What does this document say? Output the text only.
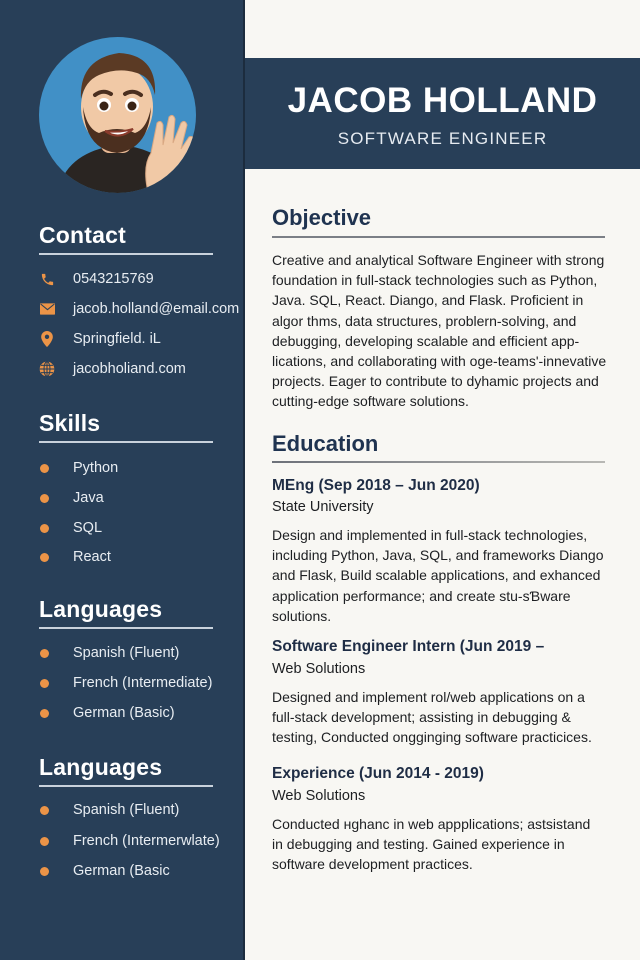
Contact
0543215769
jacob.holland@email.com
Springfield. iL
jacobholiand.com
Skills
Python
Java
SQL
React
Languages
Spanish (Fluent)
French (Intermediate)
German (Basic)
Languages
Spanish (Fluent)
French (Intermerwlate)
German (Basic
JACOB HOLLAND
SOFTWARE ENGINEER
Objective
Creative and analytical Software Engineer with strong
foundation in full-stack technologies such as Python,
Java. SQL, React. Diango, and Flask. Proficient in
algor thms, data structures, problern-solving, and
debugging, developing scalable and efficient app-
lications, and collaborating with oge-teamsʹ-innevative
projects. Eager to contribute to dyhamic projects and
cutting-edge software solutions.
Education
MEng (Sep 2018 – Jun 2020)
State University
Design and implemented in full-stack technologies,
including Python, Java, SQL, and frameworks Diango
and Flask, Build scalable applications, and exhanced
application performance; and create stu-sƁware
solutions.
Software Engineer Intern (Jun 2019 –
Web Solutions
Designed and implement rol/web applications on a
full-stack development; assisting in debugging &
testing, Conducted ongginging software practicices.
Experience (Jun 2014 - 2019)
Web Solutions
Conducted нghanc in web appplications; astsistand
in debugging and testing. Gained experience in
software development practices.
